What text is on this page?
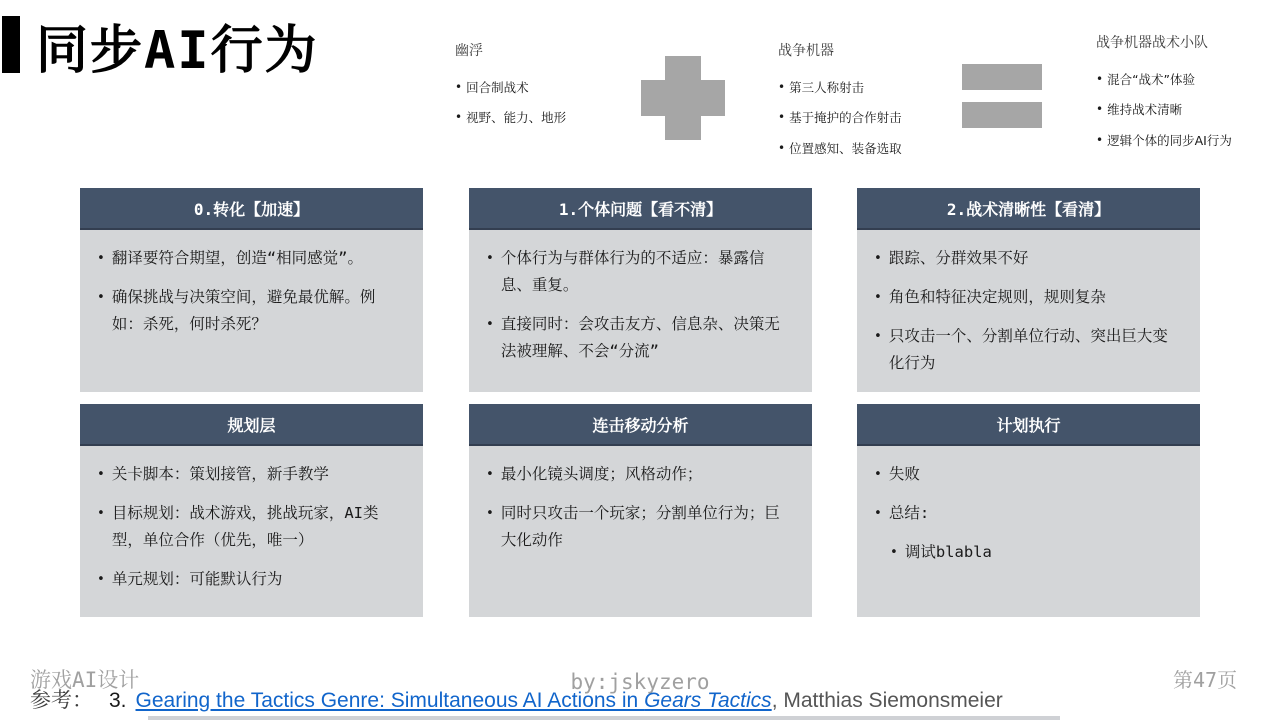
同步AI行为	幽浮
• 回合制战术
• 视野、能力、地形
战争机器
• 第三人称射击
• 基于掩护的合作射击
• 位置感知、装备选取
战争机器战术小队
• 混合“战术”体验
• 维持战术清晰
• 逻辑个体的同步AI行为
0.转化【加速】
• 翻译要符合期望，创造“相同感觉”。
• 确保挑战与决策空间，避免最优解。例如：杀死，何时杀死？
1.个体问题【看不清】
• 个体行为与群体行为的不适应：暴露信息、重复。
• 直接同时：会攻击友方、信息杂、决策无法被理解、不会“分流”
2.战术清晰性【看清】
• 跟踪、分群效果不好
• 角色和特征决定规则，规则复杂
• 只攻击一个、分割单位行动、突出巨大变化行为
规划层
• 关卡脚本：策划接管，新手教学
• 目标规划：战术游戏，挑战玩家，AI类型，单位合作（优先，唯一）
• 单元规划：可能默认行为
连击移动分析
• 最小化镜头调度；风格动作；
• 同时只攻击一个玩家；分割单位行为；巨大化动作
计划执行
• 失败
• 总结:
• 调试blabla
游戏AI设计	by:jskyzero	第47页
参考： 3. Gearing the Tactics Genre: Simultaneous AI Actions in Gears Tactics, Matthias Siemonsmeier
